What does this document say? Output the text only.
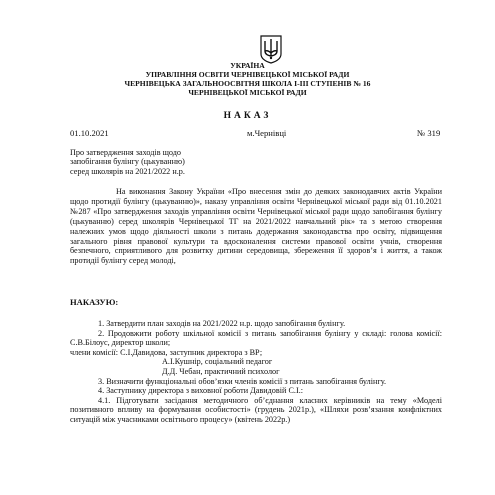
УКРАЇНА
УПРАВЛІННЯ ОСВІТИ ЧЕРНІВЕЦЬКОЇ МІСЬКОЇ РАДИ
ЧЕРНІВЕЦЬКА ЗАГАЛЬНООСВІТНЯ ШКОЛА І-ІІІ СТУПЕНІВ № 16
ЧЕРНІВЕЦЬКОЇ МІСЬКОЇ РАДИ
НАКАЗ
01.10.2021	м.Чернівці	№ 319
Про затвердження заходів щодо
запобігання булінгу (цькуванню)
серед школярів на 2021/2022 н.р.
На виконання Закону України «Про внесення змін до деяких законодавчих актів України щодо протидії булінгу (цькуванню)», наказу управління освіти Чернівецької міської ради від 01.10.2021 №287 «Про затвердження заходів управління освіти Чернівецької міської ради щодо запобігання булінгу (цькуванню) серед школярів Чернівецької ТГ на 2021/2022 навчальний рік» та з метою створення належних умов щодо діяльності школи з питань додержання законодавства про освіту, підвищення загального рівня правової культури та вдосконалення системи правової освіти учнів, створення безпечного, сприятливого для розвитку дитини середовища, збереження її здоров’я і життя, а також протидії булінгу серед молоді,
НАКАЗУЮ:

1. Затвердити план заходів на 2021/2022 н.р. щодо запобігання булінгу.

2. Продовжити роботу шкільної комісії з питань запобігання булінгу у складі: голова комісії: С.В.Білоус, директор школи;

члени комісії: С.І.Давидова, заступник директора з ВР;

А.І.Кушнір, соціальний педагог

Д.Д. Чебан, практичний психолог

3. Визначити функціональні обов’язки членів комісії з питань запобігання булінгу.

4. Заступнику директора з виховної роботи Давидовій С.І.:

4.1. Підготувати засідання методичного об’єднання класних керівників на тему «Моделі позитивного впливу на формування особистості» (грудень 2021р.), «Шляхи розв’язання конфліктних ситуацій між учасниками освітнього процесу» (квітень 2022р.)
